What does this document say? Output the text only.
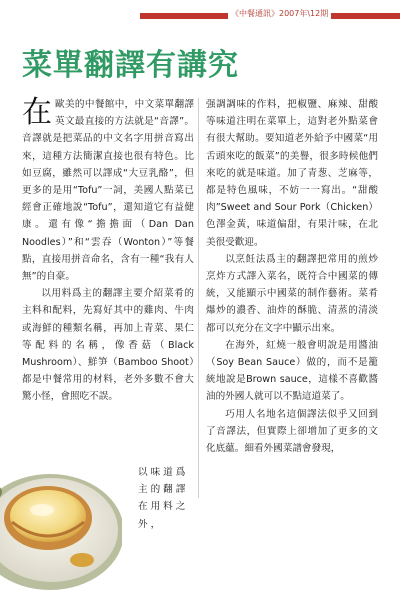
《中餐通訊》2007年\12期
菜單翻譯有講究

在歐美的中餐館中，中文菜單翻譯英文最直接的方法就是“音譯”。音譯就是把菜品的中文名字用拼音寫出來，這種方法簡潔直接也很有特色。比如豆腐，雖然可以譯成“大豆乳酪”，但更多的是用“Tofu”一詞，美國人點菜已經會正確地說“Tofu”，還知道它有益健康。還有像“擔擔面（Dan Dan Noodles）”和“雲吞（Wonton）”等餐點，直接用拼音命名，含有一種“我有人無”的自豪。

以用料爲主的翻譯主要介紹菜肴的主料和配料，先寫好其中的雞肉、牛肉或海鮮的種類名稱，再加上青菜、果仁等配料的名稱，像香菇（Black Mushroom）、鮮笋（Bamboo Shoot）都是中餐常用的材料，老外多數不會大驚小怪，會照吃不誤。

以味道爲主的翻譯在用料之外，

强調調味的作料，把椒鹽、麻辣、甜酸等味道注明在菜單上，這對老外點菜會有很大幫助。要知道老外給予中國菜“用舌頭來吃的飯菜”的美譽，很多時候他們來吃的就是味道。加了青葱、芝麻等，都是特色風味，不妨一一寫出。“甜酸肉”Sweet and Sour Pork（Chicken）色澤金黃，味道偏甜，有果汁味，在北美很受歡迎。

以烹飪法爲主的翻譯把常用的煎炒烹炸方式譯入菜名，既符合中國菜的傳統，又能顯示中國菜的制作藝術。菜肴爆炒的濃香、油炸的酥脆、清蒸的清淡都可以充分在文字中顯示出來。

在海外，紅燒一般會明說是用醬油（Soy Bean Sauce）做的，而不是籠統地說是Brown sauce，這樣不喜歡醬油的外國人就可以不點這道菜了。

巧用人名地名這個譯法似乎又回到了音譯法，但實際上卻增加了更多的文化底蘊。細看外國菜譜會發現，
